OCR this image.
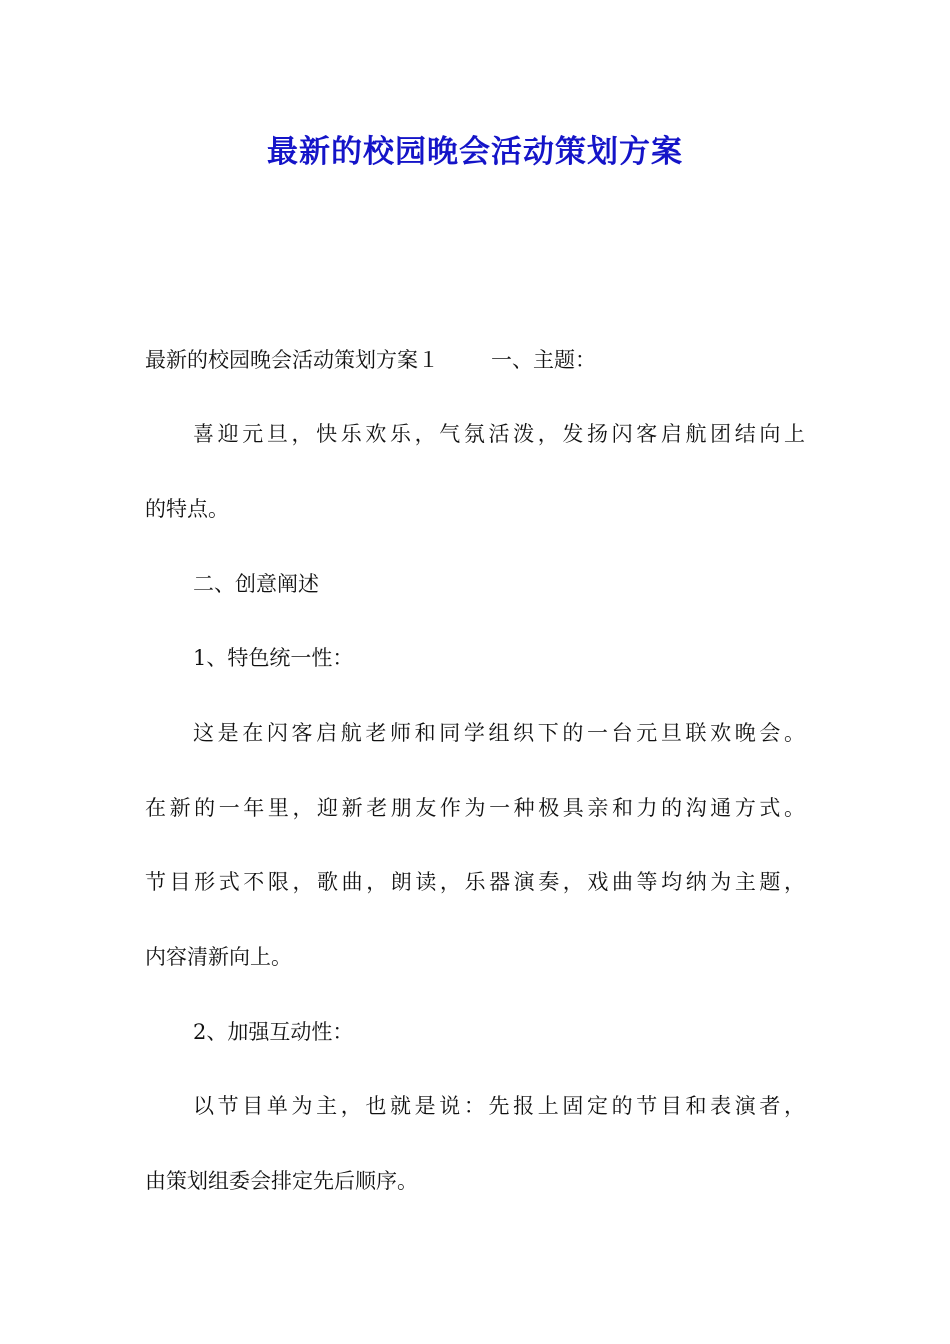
最新的校园晚会活动策划方案
最新的校园晚会活动策划方案１ 一、主题：
喜迎元旦，快乐欢乐，气氛活泼，发扬闪客启航团结向上
的特点。
二、创意阐述
1、特色统一性：
这是在闪客启航老师和同学组织下的一台元旦联欢晚会。
在新的一年里，迎新老朋友作为一种极具亲和力的沟通方式。
节目形式不限，歌曲，朗读，乐器演奏，戏曲等均纳为主题，
内容清新向上。
2、加强互动性：
以节目单为主，也就是说：先报上固定的节目和表演者，
由策划组委会排定先后顺序。
